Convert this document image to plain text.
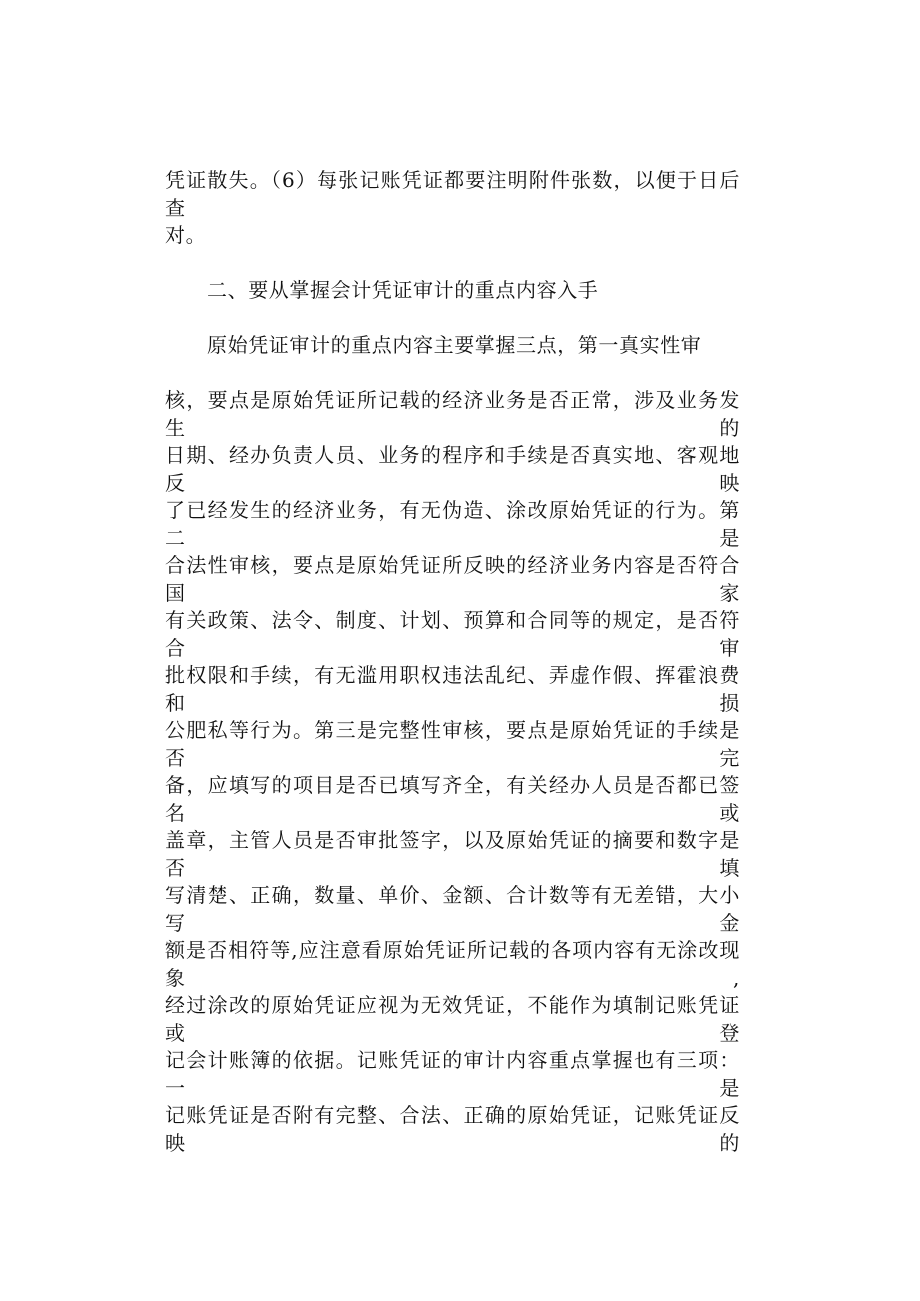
凭证散失。（6）每张记账凭证都要注明附件张数，以便于日后查
对。
二、要从掌握会计凭证审计的重点内容入手
原始凭证审计的重点内容主要掌握三点，第一真实性审
核，要点是原始凭证所记载的经济业务是否正常，涉及业务发生的
日期、经办负责人员、业务的程序和手续是否真实地、客观地反映
了已经发生的经济业务，有无伪造、涂改原始凭证的行为。第二是
合法性审核，要点是原始凭证所反映的经济业务内容是否符合国家
有关政策、法令、制度、计划、预算和合同等的规定，是否符合审
批权限和手续，有无滥用职权违法乱纪、弄虚作假、挥霍浪费和损
公肥私等行为。第三是完整性审核，要点是原始凭证的手续是否完
备，应填写的项目是否已填写齐全，有关经办人员是否都已签名或
盖章，主管人员是否审批签字，以及原始凭证的摘要和数字是否填
写清楚、正确，数量、单价、金额、合计数等有无差错，大小写金
额是否相符等,应注意看原始凭证所记载的各项内容有无涂改现象,
经过涂改的原始凭证应视为无效凭证，不能作为填制记账凭证或登
记会计账簿的依据。记账凭证的审计内容重点掌握也有三项：一是
记账凭证是否附有完整、合法、正确的原始凭证，记账凭证反映的
